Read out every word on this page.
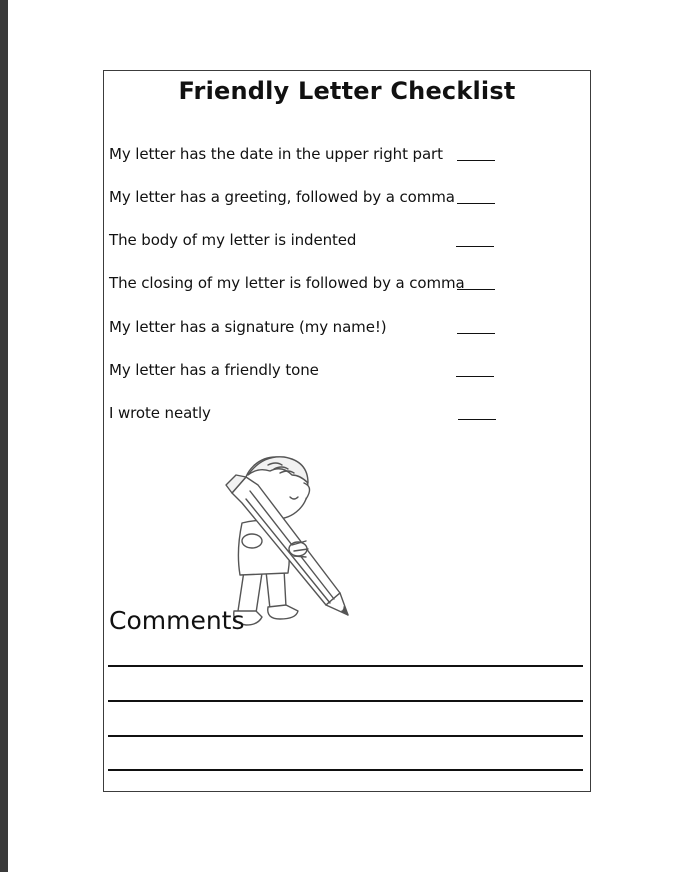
Friendly Letter Checklist
My letter has the date in the upper right part
My letter has a greeting, followed by a comma
The body of my letter is indented
The closing of my letter is followed by a comma
My letter has a signature (my name!)
My letter has a friendly tone
I wrote neatly
Comments
